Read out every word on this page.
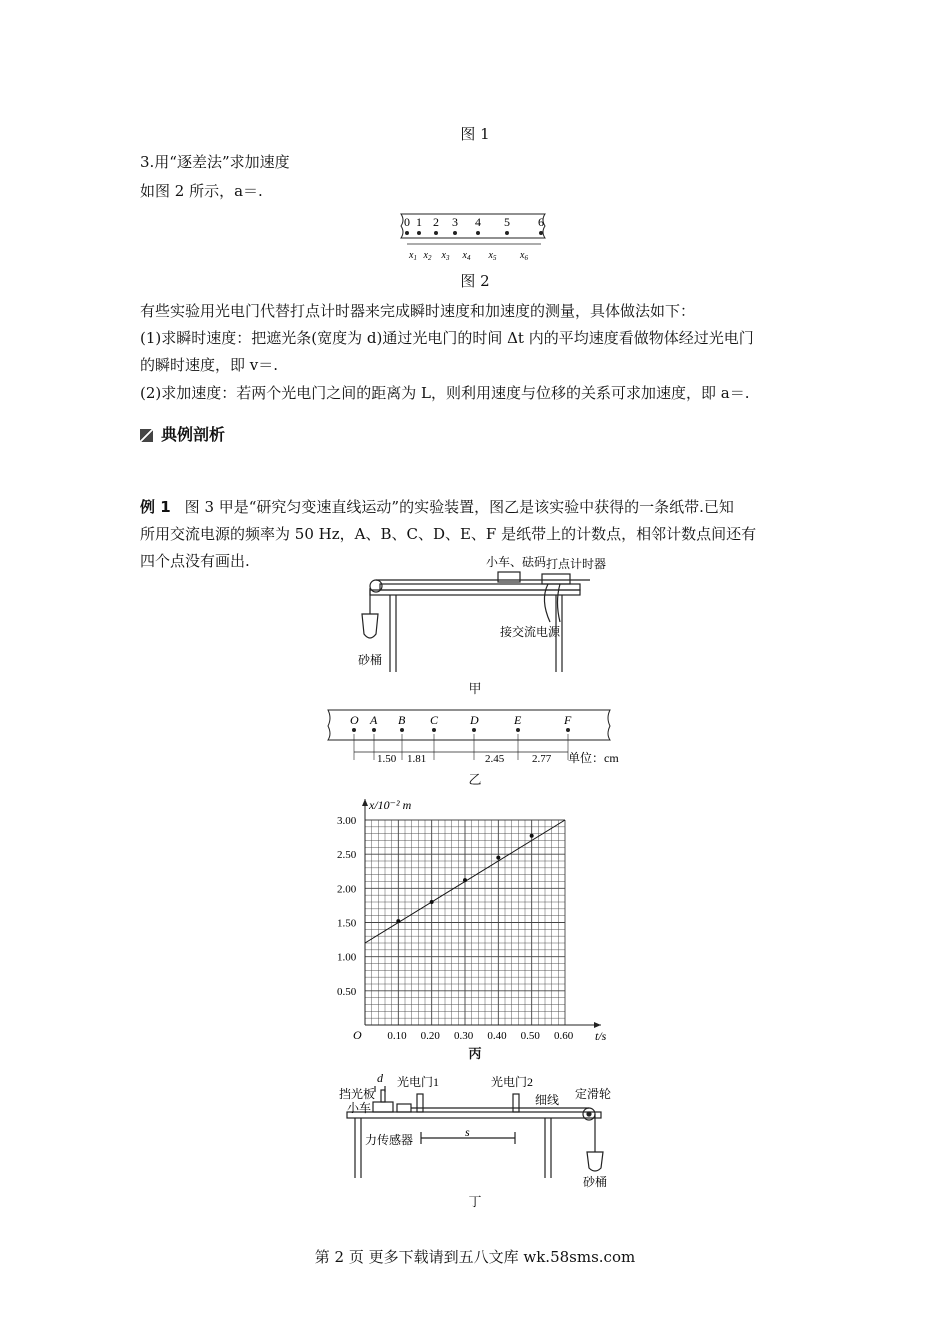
图 1
3.用“逐差法”求加速度
如图 2 所示，a＝.
0 1 2 3 4 5 6
$x_1$ $x_2$ $x_3$ $x_4$ $x_5$ $x_6$
图 2
有些实验用光电门代替打点计时器来完成瞬时速度和加速度的测量，具体做法如下：
(1)求瞬时速度：把遮光条(宽度为 d)通过光电门的时间 Δt 内的平均速度看做物体经过光电门
的瞬时速度，即 v＝.
(2)求加速度：若两个光电门之间的距离为 L，则利用速度与位移的关系可求加速度，即 a＝.
典例剖析
例 1 图 3 甲是“研究匀变速直线运动”的实验装置，图乙是该实验中获得的一条纸带.已知
所用交流电源的频率为 50 Hz，A、B、C、D、E、F 是纸带上的计数点，相邻计数点间还有
四个点没有画出.	小车、砝码 打点计时器
接交流电源
砂桶
甲
O A B C	D	E	F
1.50 1.81	2.45	2.77 单位：cm
乙
0.10 0.20 0.30 0.40 0.50 0.60
0.50
1.00
1.50
2.00
2.50
3.00
x/10⁻² m
t/s
O
丙
挡光板
小车
d 光电门1	光电门2
细线 定滑轮
力传感器
s
砂桶
丁
第 2 页 更多下载请到五八文库 wk.58sms.com
